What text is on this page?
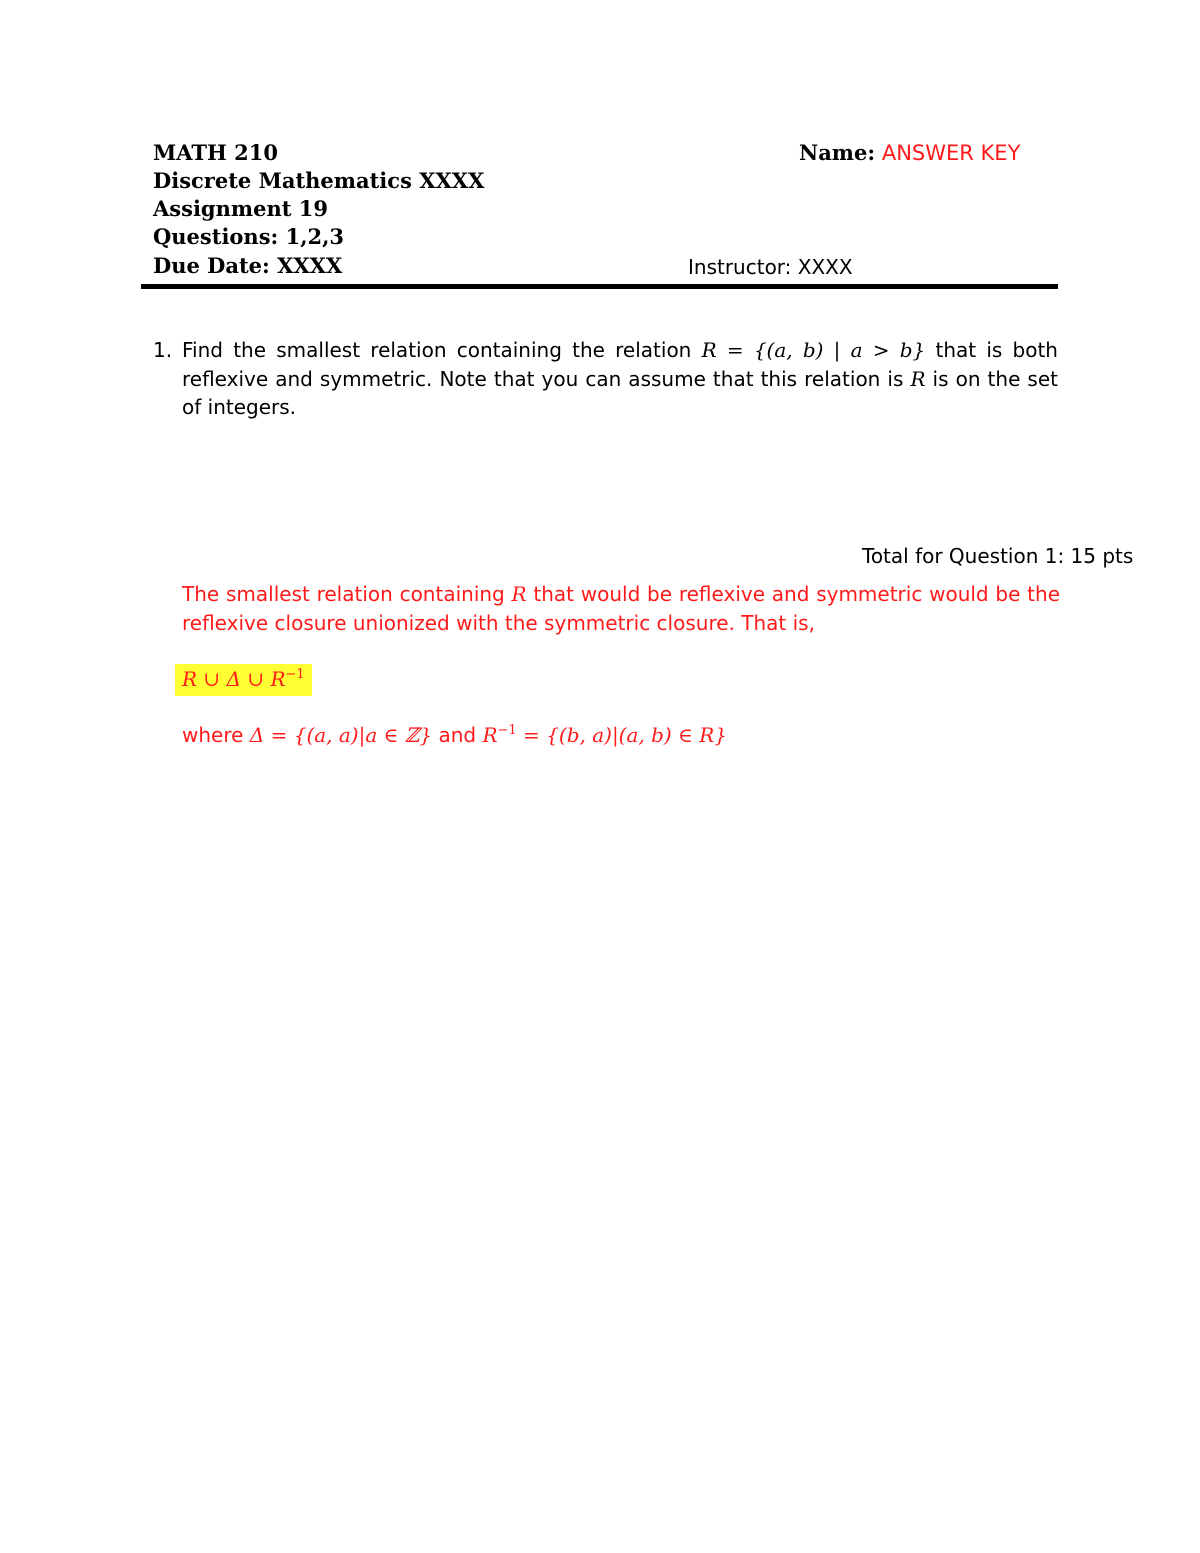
MATH 210
Discrete Mathematics XXXX
Assignment 19
Questions: 1,2,3
Due Date: XXXX
Name: ANSWER KEY
Instructor: XXXX
1. Find the smallest relation containing the relation R = {(a, b) | a > b} that is both
reflexive and symmetric. Note that you can assume that this relation is R is on the set
of integers.
Total for Question 1: 15 pts
The smallest relation containing R that would be reflexive and symmetric would be the
reflexive closure unionized with the symmetric closure. That is,
R ∪ Δ ∪ $R^{-1}$
where Δ = {(a, a)|a ∈ ℤ} and $R^{-1} = \{(b$, a)|(a, b) ∈ R}
